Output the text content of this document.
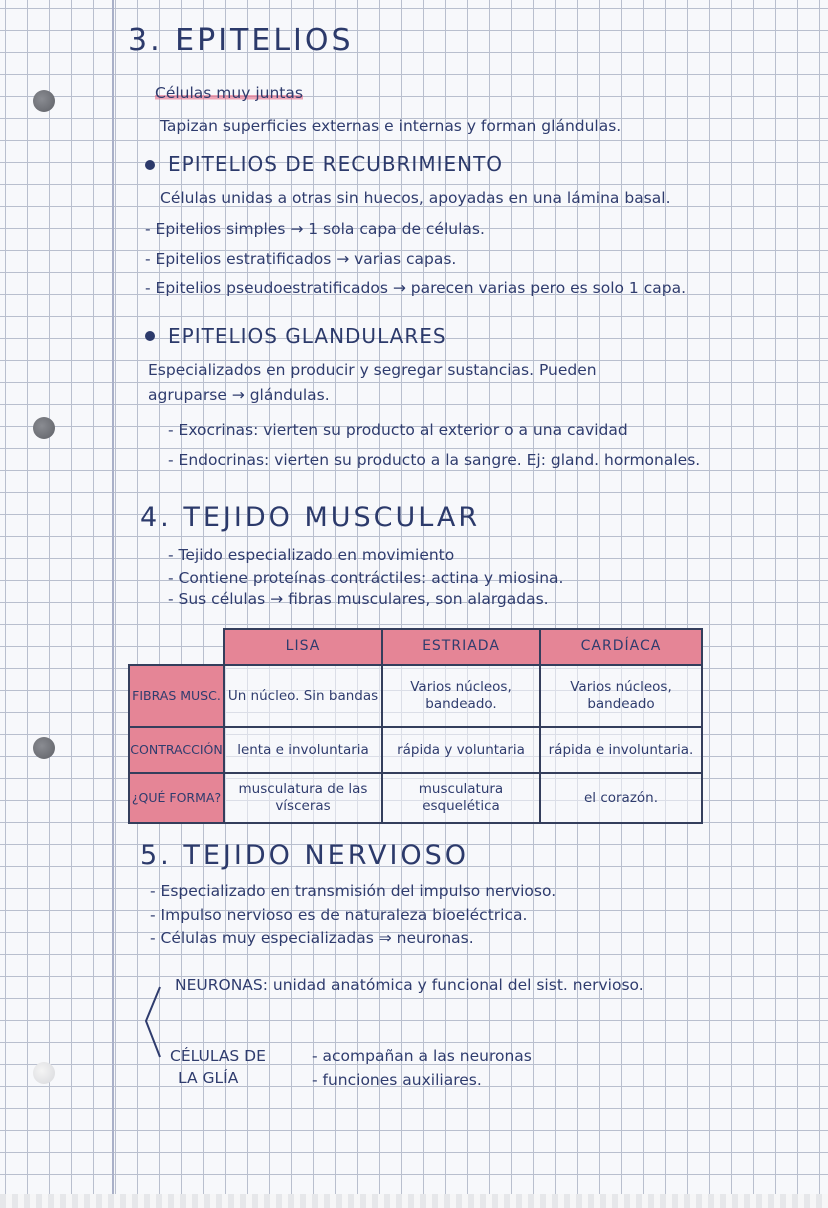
3. EPITELIOS
Células muy juntas
Tapizan superficies externas e internas y forman glándulas.
EPITELIOS DE RECUBRIMIENTO
Células unidas a otras sin huecos, apoyadas en una lámina basal.
- Epitelios simples → 1 sola capa de células.
- Epitelios estratificados → varias capas.
- Epitelios pseudoestratificados → parecen varias pero es solo 1 capa.
EPITELIOS GLANDULARES
Especializados en producir y segregar sustancias. Pueden
agruparse → glándulas.
- Exocrinas: vierten su producto al exterior o a una cavidad
- Endocrinas: vierten su producto a la sangre. Ej: gland. hormonales.
4. TEJIDO MUSCULAR
- Tejido especializado en movimiento
- Contiene proteínas contráctiles: actina y miosina.
- Sus células → fibras musculares, son alargadas.
	LISA	ESTRIADA	CARDÍACA
FIBRAS MUSC.	Un núcleo. Sin bandas	Varios núcleos, bandeado.	Varios núcleos, bandeado
CONTRACCIÓN	lenta e involuntaria	rápida y voluntaria	rápida e involuntaria.
¿QUÉ FORMA?	musculatura de las vísceras	musculatura esquelética	el corazón.
5. TEJIDO NERVIOSO
- Especializado en transmisión del impulso nervioso.
- Impulso nervioso es de naturaleza bioeléctrica.
- Células muy especializadas ⇒ neuronas.
NEURONAS: unidad anatómica y funcional del sist. nervioso.
CÉLULAS DE
LA GLÍA
- acompañan a las neuronas
- funciones auxiliares.
